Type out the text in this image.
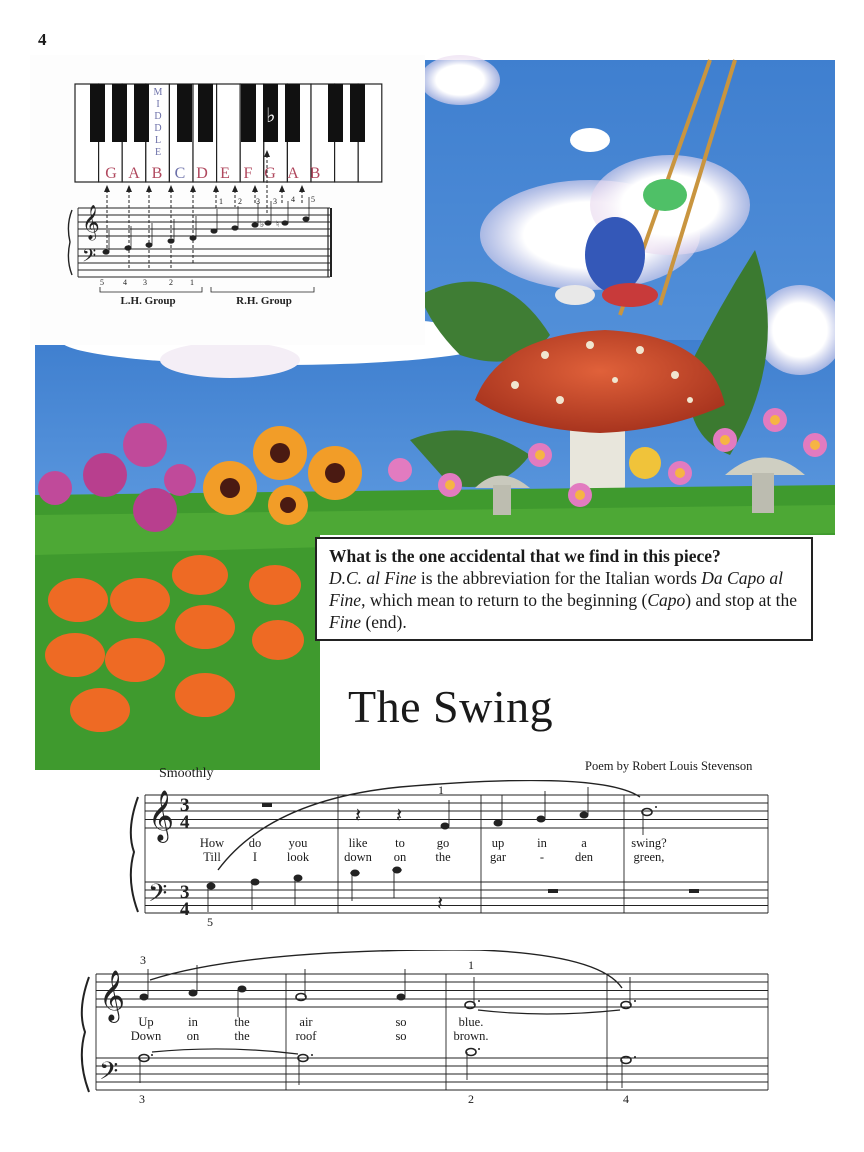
4
♭
M
I
D
D
L
E
G A B C D E F G A B
𝄞
𝄢
♭ ♮
1 2 3 3 4 5
5 4 3	2 1
L.H. Group	R.H. Group
What is the one accidental that we find in this piece?
D.C. al Fine is the abbreviation for the Italian words Da Capo al Fine, which mean to return to the beginning (Capo) and stop at the Fine (end).
The Swing
Smoothly	Poem by Robert Louis Stevenson
𝄞
𝄢
3
4
3
4
𝄽 𝄽
𝄽
1
5
How	do	you	like	to	go	up	in	a	swing?
Till	I	look	down	on	the	gar	-	den	green,
𝄞
𝄢
3	1
3	2	4
Up	in	the	air	so	blue.
Down	on	the	roof	so	brown.
